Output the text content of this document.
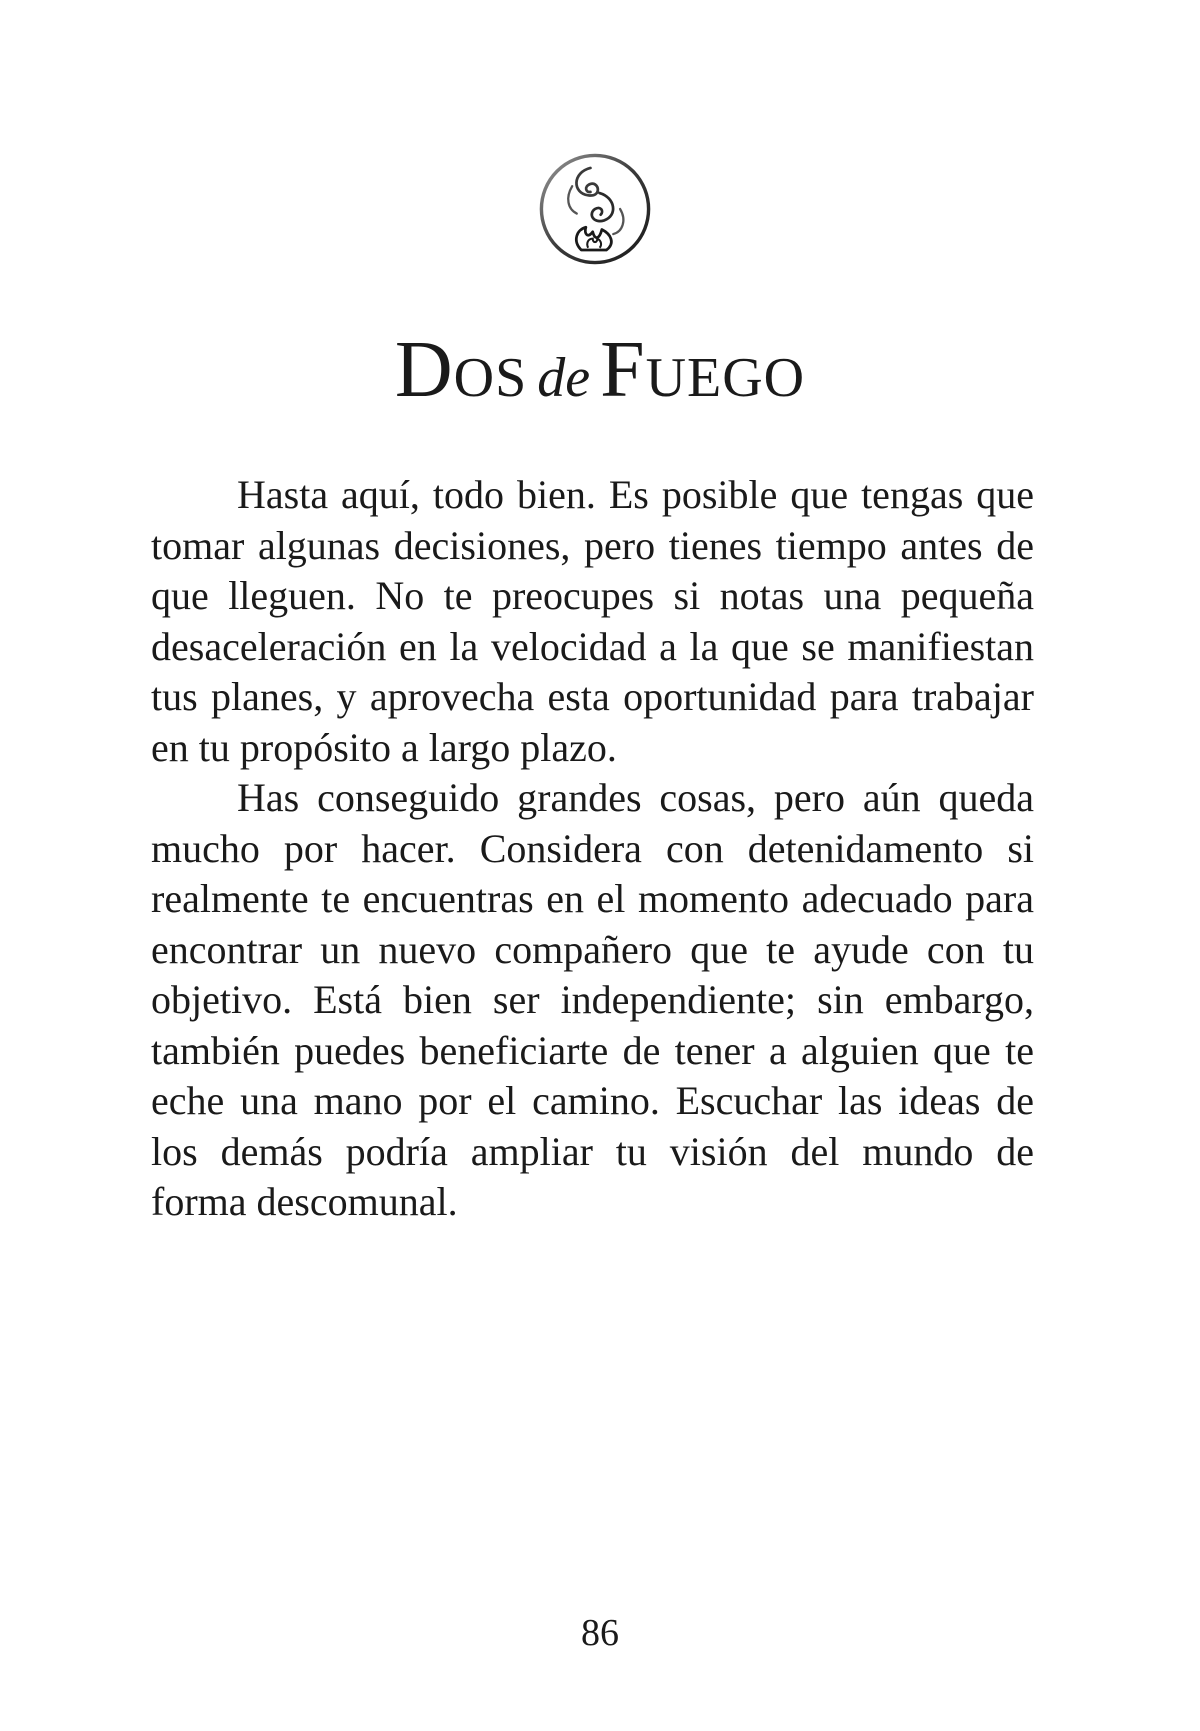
Dos de Fuego

Hasta aquí, todo bien. Es posible que tengas que tomar algunas decisiones, pero tienes tiempo antes de que lleguen. No te preocupes si notas una pequeña desaceleración en la velocidad a la que se manifiestan tus planes, y aprovecha esta oportunidad para trabajar en tu propósito a largo plazo.

Has conseguido grandes cosas, pero aún queda mucho por hacer. Considera con detenidamento si realmente te encuentras en el momento adecuado para encontrar un nuevo compañero que te ayude con tu objetivo. Está bien ser independiente; sin embargo, también puedes beneficiarte de tener a alguien que te eche una mano por el camino. Escuchar las ideas de los demás podría ampliar tu visión del mundo de forma descomunal.

86
